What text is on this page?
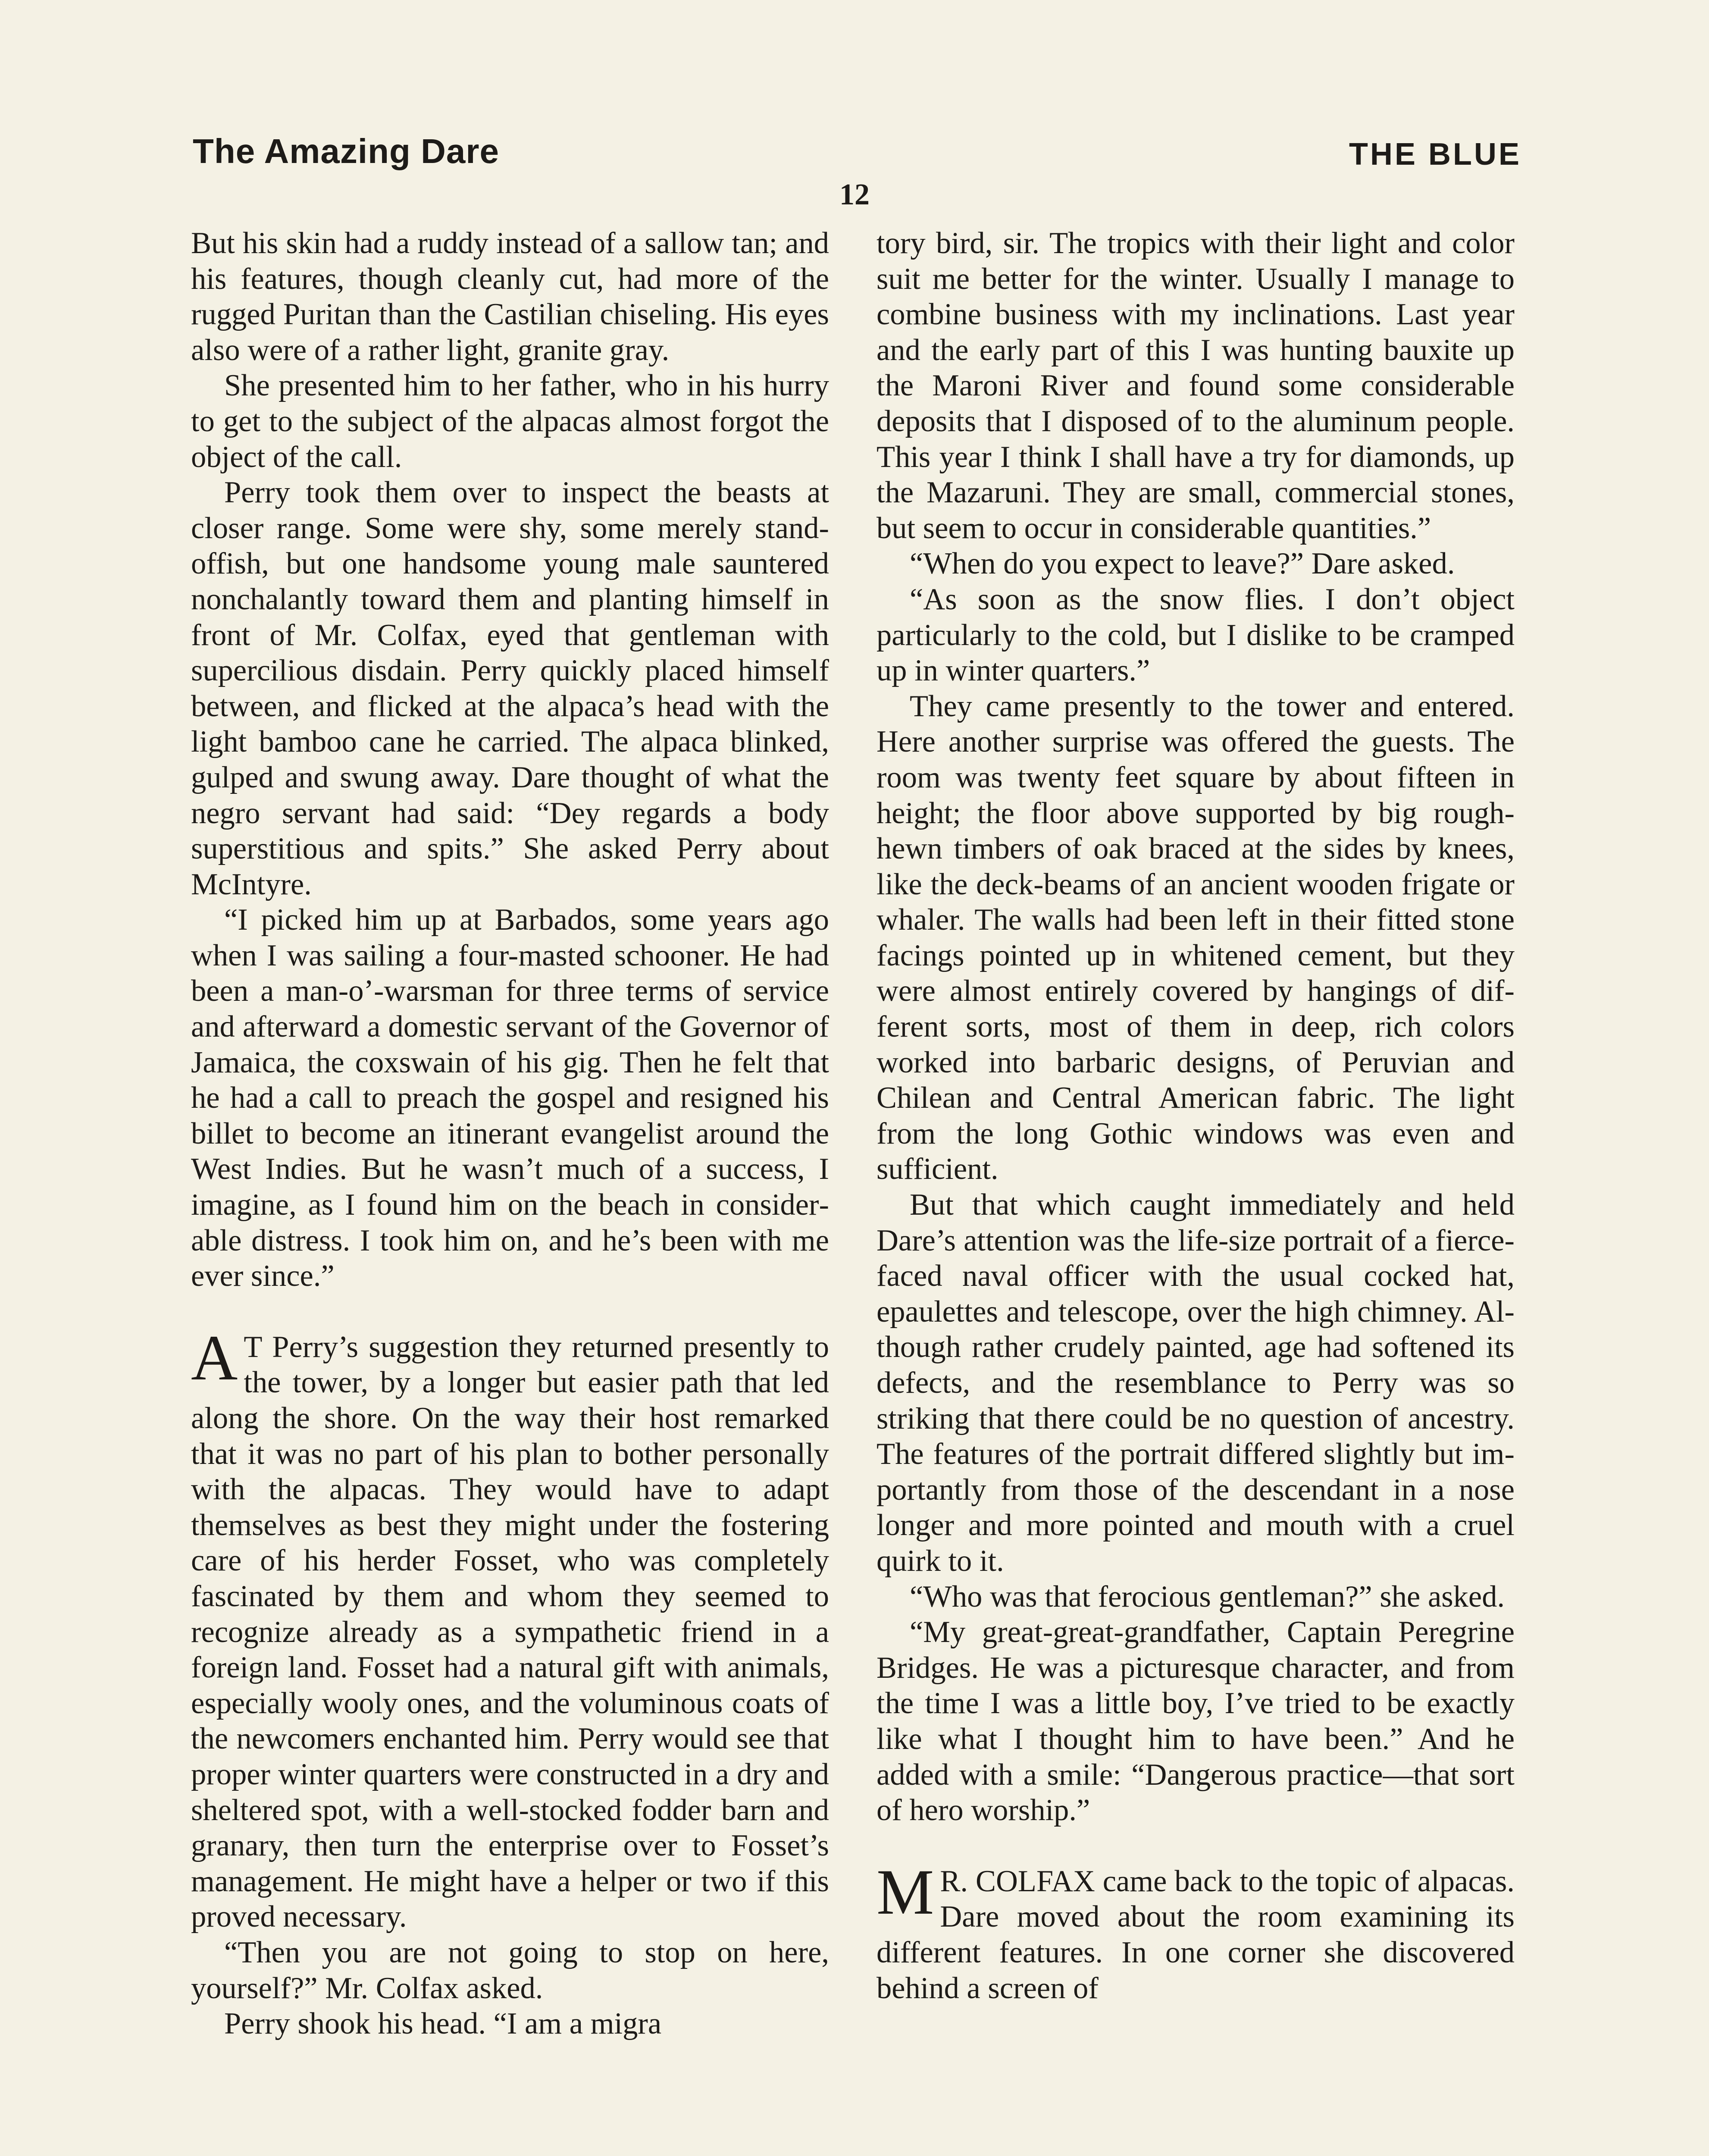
The Amazing Dare	THE BLUE
12

But his skin had a ruddy instead of a sallow tan; and his features, though cleanly cut, had more of the rugged Puritan than the Castilian chiseling. His eyes also were of a rather light, granite gray.

She presented him to her father, who in his hurry to get to the subject of the alpacas almost forgot the object of the call.

Perry took them over to inspect the beasts at closer range. Some were shy, some merely stand-offish, but one handsome young male sauntered nonchalantly toward them and planting himself in front of Mr. Colfax, eyed that gentleman with supercilious disdain. Perry quickly placed himself between, and flicked at the alpaca’s head with the light bamboo cane he carried. The alpaca blinked, gulped and swung away. Dare thought of what the negro servant had said: “Dey regards a body superstitious and spits.” She asked Perry about McIntyre.

“I picked him up at Barbados, some years ago when I was sailing a four-masted schooner. He had been a man-o’-warsman for three terms of service and afterward a domestic servant of the Governor of Jamaica, the coxswain of his gig. Then he felt that he had a call to preach the gospel and resigned his billet to become an itinerant evangelist around the West Indies. But he wasn’t much of a success, I imagine, as I found him on the beach in considerable distress. I took him on, and he’s been with me ever since.”

A T Perry’s suggestion they returned presently to the tower, by a longer but easier path that led along the shore. On the way their host remarked that it was no part of his plan to bother personally with the alpacas. They would have to adapt themselves as best they might under the fostering care of his herder Fosset, who was completely fascinated by them and whom they seemed to recognize already as a sympathetic friend in a foreign land. Fosset had a natural gift with animals, especially wooly ones, and the voluminous coats of the newcomers enchanted him. Perry would see that proper winter quarters were constructed in a dry and sheltered spot, with a well-stocked fodder barn and granary, then turn the enterprise over to Fosset’s management. He might have a helper or two if this proved necessary.

“Then you are not going to stop on here, yourself?” Mr. Colfax asked.

Perry shook his head. “I am a migra

tory bird, sir. The tropics with their light and color suit me better for the winter. Usually I manage to combine business with my inclinations. Last year and the early part of this I was hunting bauxite up the Maroni River and found some considerable deposits that I disposed of to the aluminum people. This year I think I shall have a try for diamonds, up the Mazaruni. They are small, commercial stones, but seem to occur in considerable quantities.”

“When do you expect to leave?” Dare asked.

“As soon as the snow flies. I don’t object particularly to the cold, but I dislike to be cramped up in winter quarters.”

They came presently to the tower and entered. Here another surprise was offered the guests. The room was twenty feet square by about fifteen in height; the floor above supported by big rough-hewn timbers of oak braced at the sides by knees, like the deck-beams of an ancient wooden frigate or whaler. The walls had been left in their fitted stone facings pointed up in whitened cement, but they were almost entirely covered by hangings of different sorts, most of them in deep, rich colors worked into barbaric designs, of Peruvian and Chilean and Central American fabric. The light from the long Gothic windows was even and sufficient.

But that which caught immediately and held Dare’s attention was the life-size portrait of a fierce-faced naval officer with the usual cocked hat, epaulettes and telescope, over the high chimney. Although rather crudely painted, age had softened its defects, and the resemblance to Perry was so striking that there could be no question of ancestry. The features of the portrait differed slightly but importantly from those of the descendant in a nose longer and more pointed and mouth with a cruel quirk to it.

“Who was that ferocious gentleman?” she asked.

“My great-great-grandfather, Captain Peregrine Bridges. He was a picturesque character, and from the time I was a little boy, I’ve tried to be exactly like what I thought him to have been.” And he added with a smile: “Dangerous practice—that sort of hero worship.”

M R. COLFAX came back to the topic of alpacas. Dare moved about the room examining its different features. In one corner she discovered behind a screen of
